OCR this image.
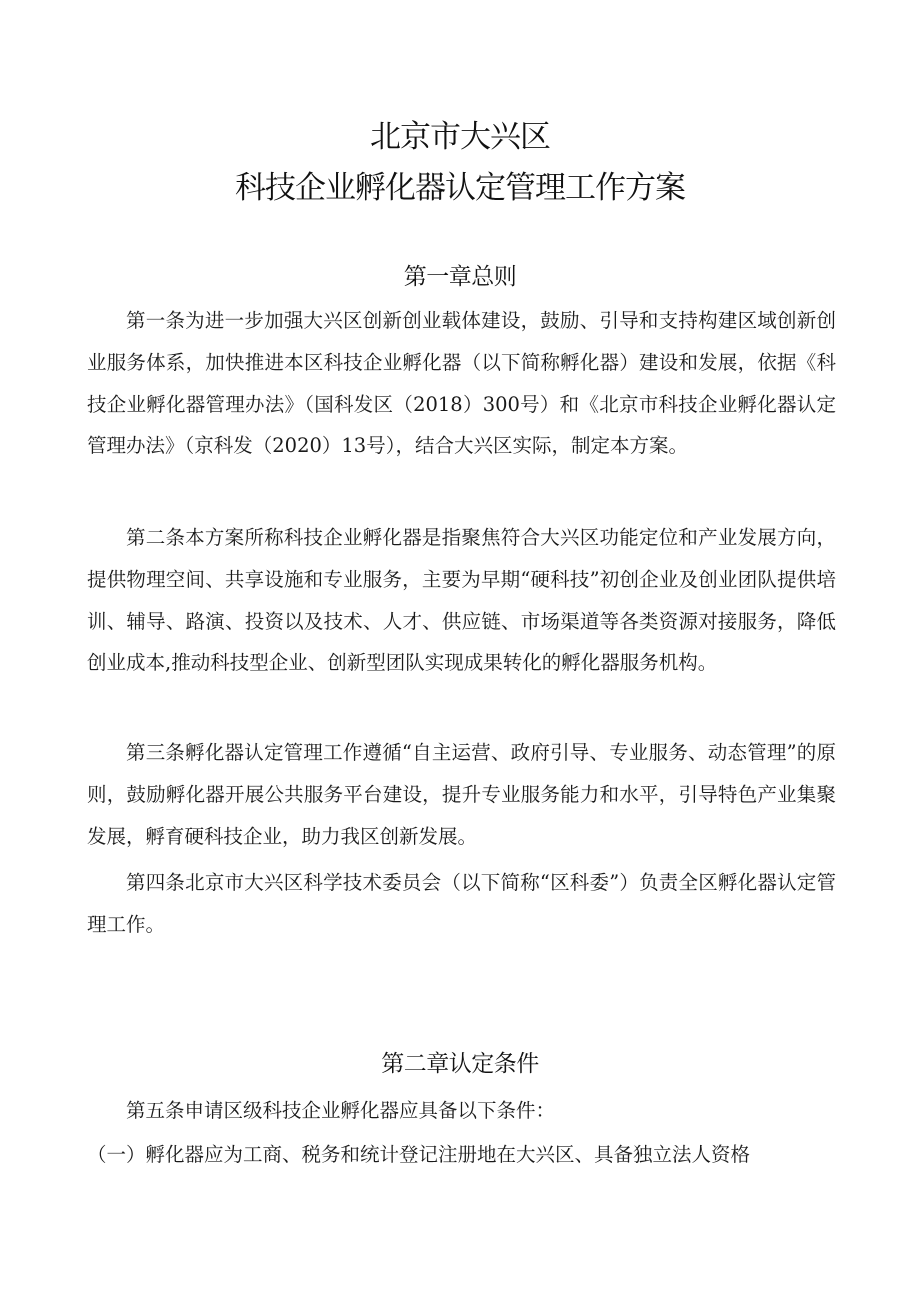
北京市大兴区
科技企业孵化器认定管理工作方案
第一章总则

第一条为进一步加强大兴区创新创业载体建设，鼓励、引导和支持构建区域创新创业服务体系，加快推进本区科技企业孵化器（以下简称孵化器）建设和发展，依据《科技企业孵化器管理办法》（国科发区（2018）300号）和《北京市科技企业孵化器认定管理办法》（京科发（2020）13号），结合大兴区实际，制定本方案。

第二条本方案所称科技企业孵化器是指聚焦符合大兴区功能定位和产业发展方向，提供物理空间、共享设施和专业服务，主要为早期“硬科技”初创企业及创业团队提供培训、辅导、路演、投资以及技术、人才、供应链、市场渠道等各类资源对接服务，降低创业成本,推动科技型企业、创新型团队实现成果转化的孵化器服务机构。

第三条孵化器认定管理工作遵循“自主运营、政府引导、专业服务、动态管理”的原则，鼓励孵化器开展公共服务平台建设，提升专业服务能力和水平，引导特色产业集聚发展，孵育硬科技企业，助力我区创新发展。

第四条北京市大兴区科学技术委员会（以下简称“区科委”）负责全区孵化器认定管理工作。

第二章认定条件

第五条申请区级科技企业孵化器应具备以下条件：

（一）孵化器应为工商、税务和统计登记注册地在大兴区、具备独立法人资格
